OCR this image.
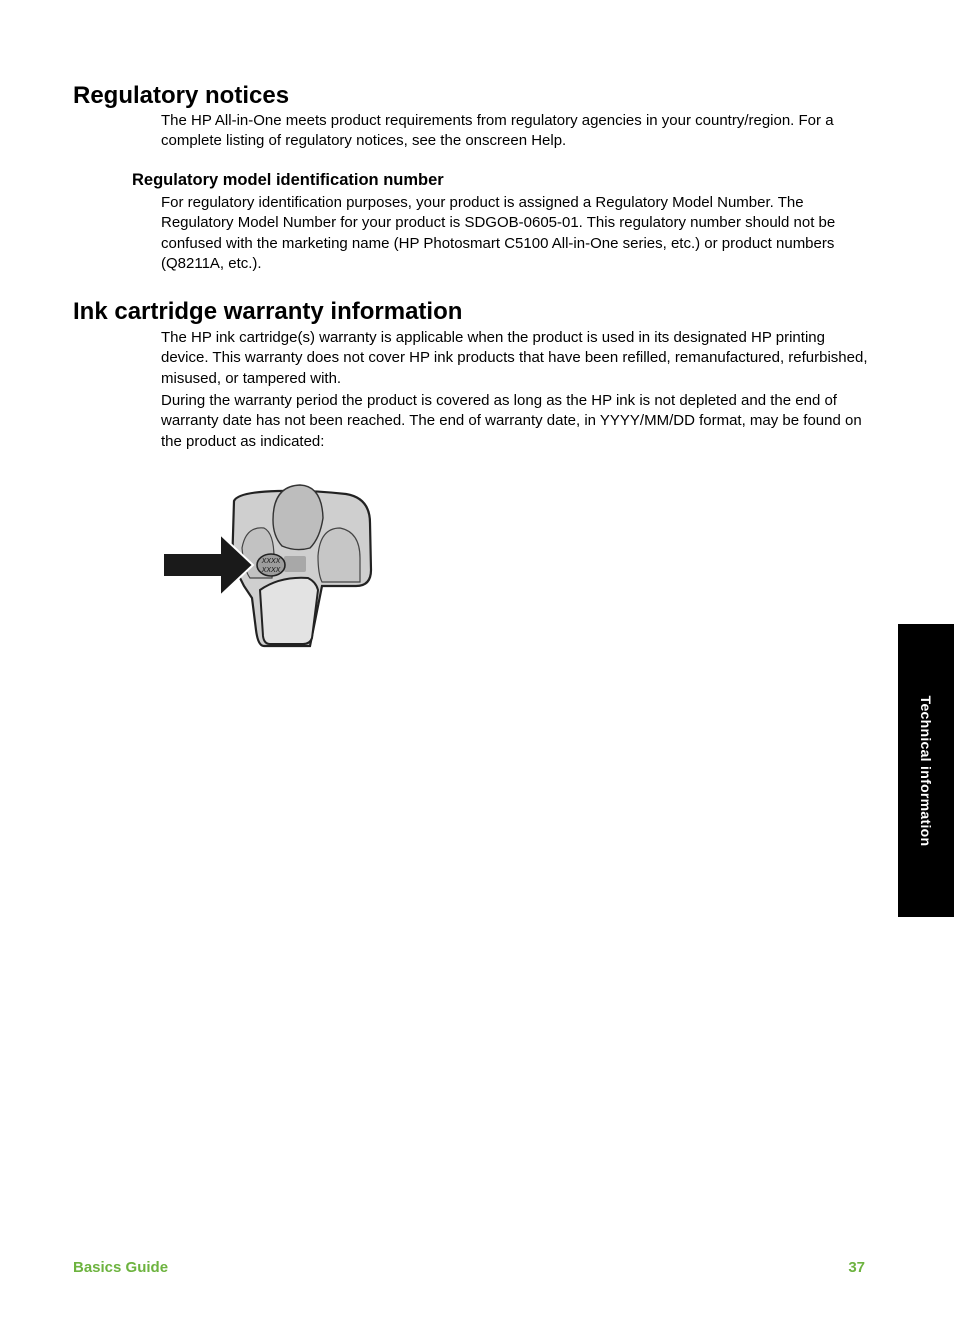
Regulatory notices

The HP All-in-One meets product requirements from regulatory agencies in your country/region. For a complete listing of regulatory notices, see the onscreen Help.

Regulatory model identification number

For regulatory identification purposes, your product is assigned a Regulatory Model Number. The Regulatory Model Number for your product is SDGOB-0605-01. This regulatory number should not be confused with the marketing name (HP Photosmart C5100 All-in-One series, etc.) or product numbers (Q8211A, etc.).

Ink cartridge warranty information

The HP ink cartridge(s) warranty is applicable when the product is used in its designated HP printing device. This warranty does not cover HP ink products that have been refilled, remanufactured, refurbished, misused, or tampered with.

During the warranty period the product is covered as long as the HP ink is not depleted and the end of warranty date has not been reached. The end of warranty date, in YYYY/MM/DD format, may be found on the product as indicated:

XXXX
XXXX
Technical information
Basics Guide	37
